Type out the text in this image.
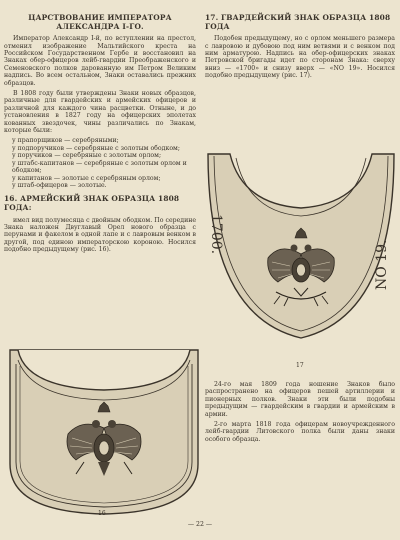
ЦАРСТВОВАНИЕ ИМПЕРАТОРА
АЛЕКСАНДРА I-ГО.

Император Александр I-й, по вступлении на престол, отменил изображение Мальтийского креста на Российском Государственном Гербе и восстановил на Знаках обер-офицеров лейб-гвардии Преображенского и Семеновского полков дарованную им Петром Великим надпись. Во всем остальном, Знаки оставались прежних образцов.

В 1808 году были утверждены Знаки новых образцов, различные для гвардейских и армейских офицеров и различной для каждого чина расцветки. Отныне, и до установления в 1827 году на офицерских эполетах кованных звездочек, чины различались по Знакам, которые были:

у прапорщиков — серебряными;
у подпоручиков — серебряные с золотым ободком;
у поручиков — серебряные с золотым орлом;
у штабс-капитанов — серебряные с золотым орлом и ободком;
у капитанов — золотые с серебряным орлом;
у штаб-офицеров — золотые.
16. АРМЕЙСКИЙ ЗНАК ОБРАЗЦА 1808 ГОДА:

имел вид полумесяца с двойным ободком. По середине Знака наложен Двуглавый Орел нового образца с перунами и факелом в одной лапе и с лавровым венком в другой, под единою императорскою короною. Носился подобно предыдущему (рис. 16).

16
17. ГВАРДЕЙСКИЙ ЗНАК ОБРАЗЦА 1808 ГОДА

Подобен предыдущему, но с орлом меньшего размера с лавровою и дубовою под ним ветвями и с венком под ним арматурою. Надпись на обер-офицерских знаках Петровской бригады идет по сторонам Знака: сверху вниз — «1700» и снизу вверх — «NO 19». Носился подобно предыдущему (рис. 17).

1700.
NO 19.
17

24-го мая 1809 года ношение Знаков было распространено на офицеров пешей артиллерии и пионерных полков. Знаки эти были подобны предыдущим — гвардейским в гвардии и армейским в армии.

2-го марта 1818 года офицерам новоучрежденного лейб-гвардии Литовского полка были даны знаки особого образца.

— 22 —
